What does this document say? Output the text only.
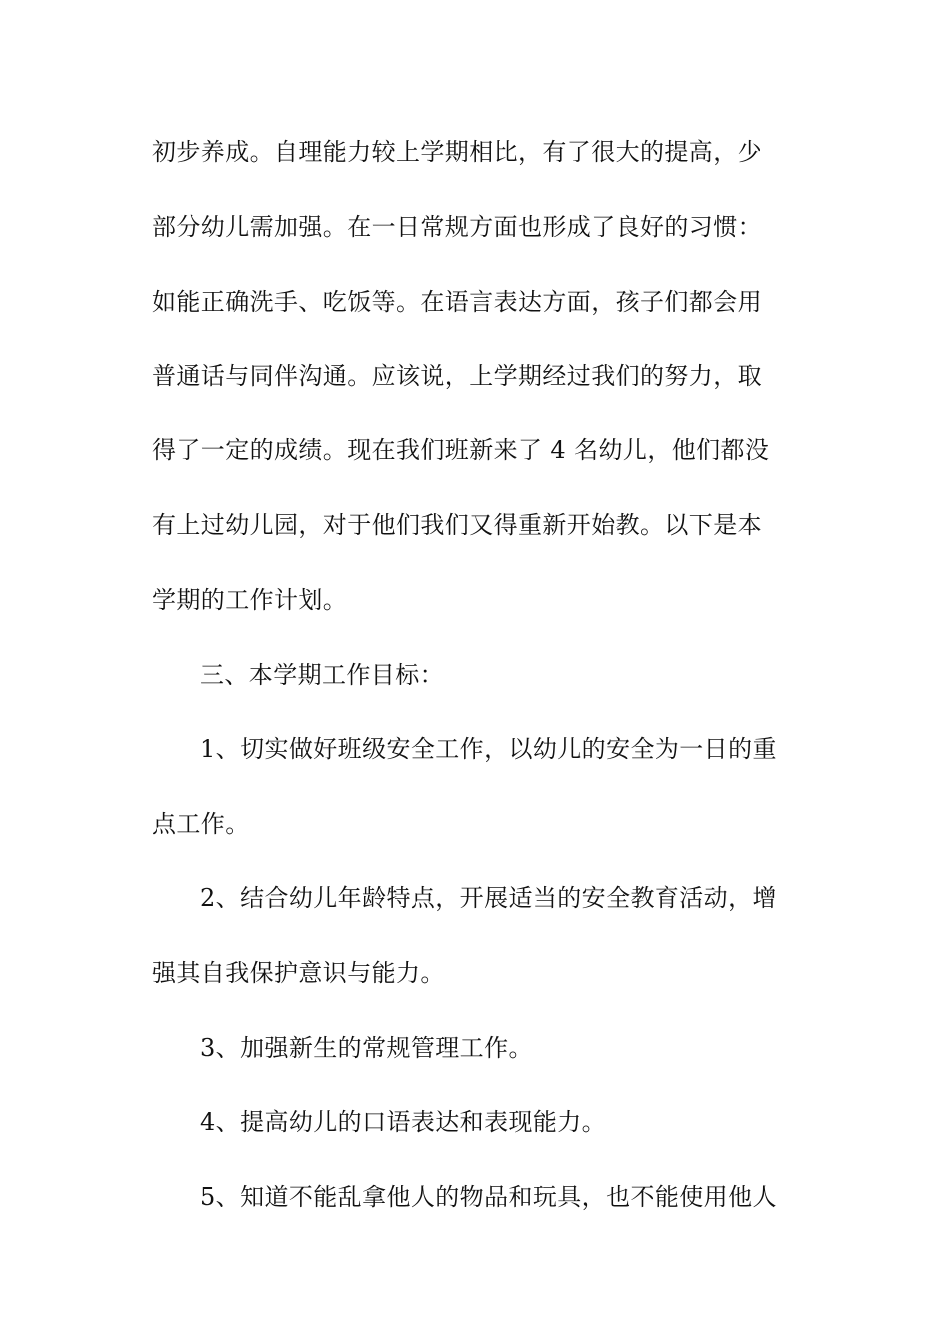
初步养成。自理能力较上学期相比，有了很大的提高，少
部分幼儿需加强。在一日常规方面也形成了良好的习惯：
如能正确洗手、吃饭等。在语言表达方面，孩子们都会用
普通话与同伴沟通。应该说，上学期经过我们的努力，取
得了一定的成绩。现在我们班新来了 4 名幼儿，他们都没
有上过幼儿园，对于他们我们又得重新开始教。以下是本
学期的工作计划。
三、本学期工作目标：
1、切实做好班级安全工作，以幼儿的安全为一日的重
点工作。
2、结合幼儿年龄特点，开展适当的安全教育活动，增
强其自我保护意识与能力。
3、加强新生的常规管理工作。
4、提高幼儿的口语表达和表现能力。
5、知道不能乱拿他人的物品和玩具，也不能使用他人
